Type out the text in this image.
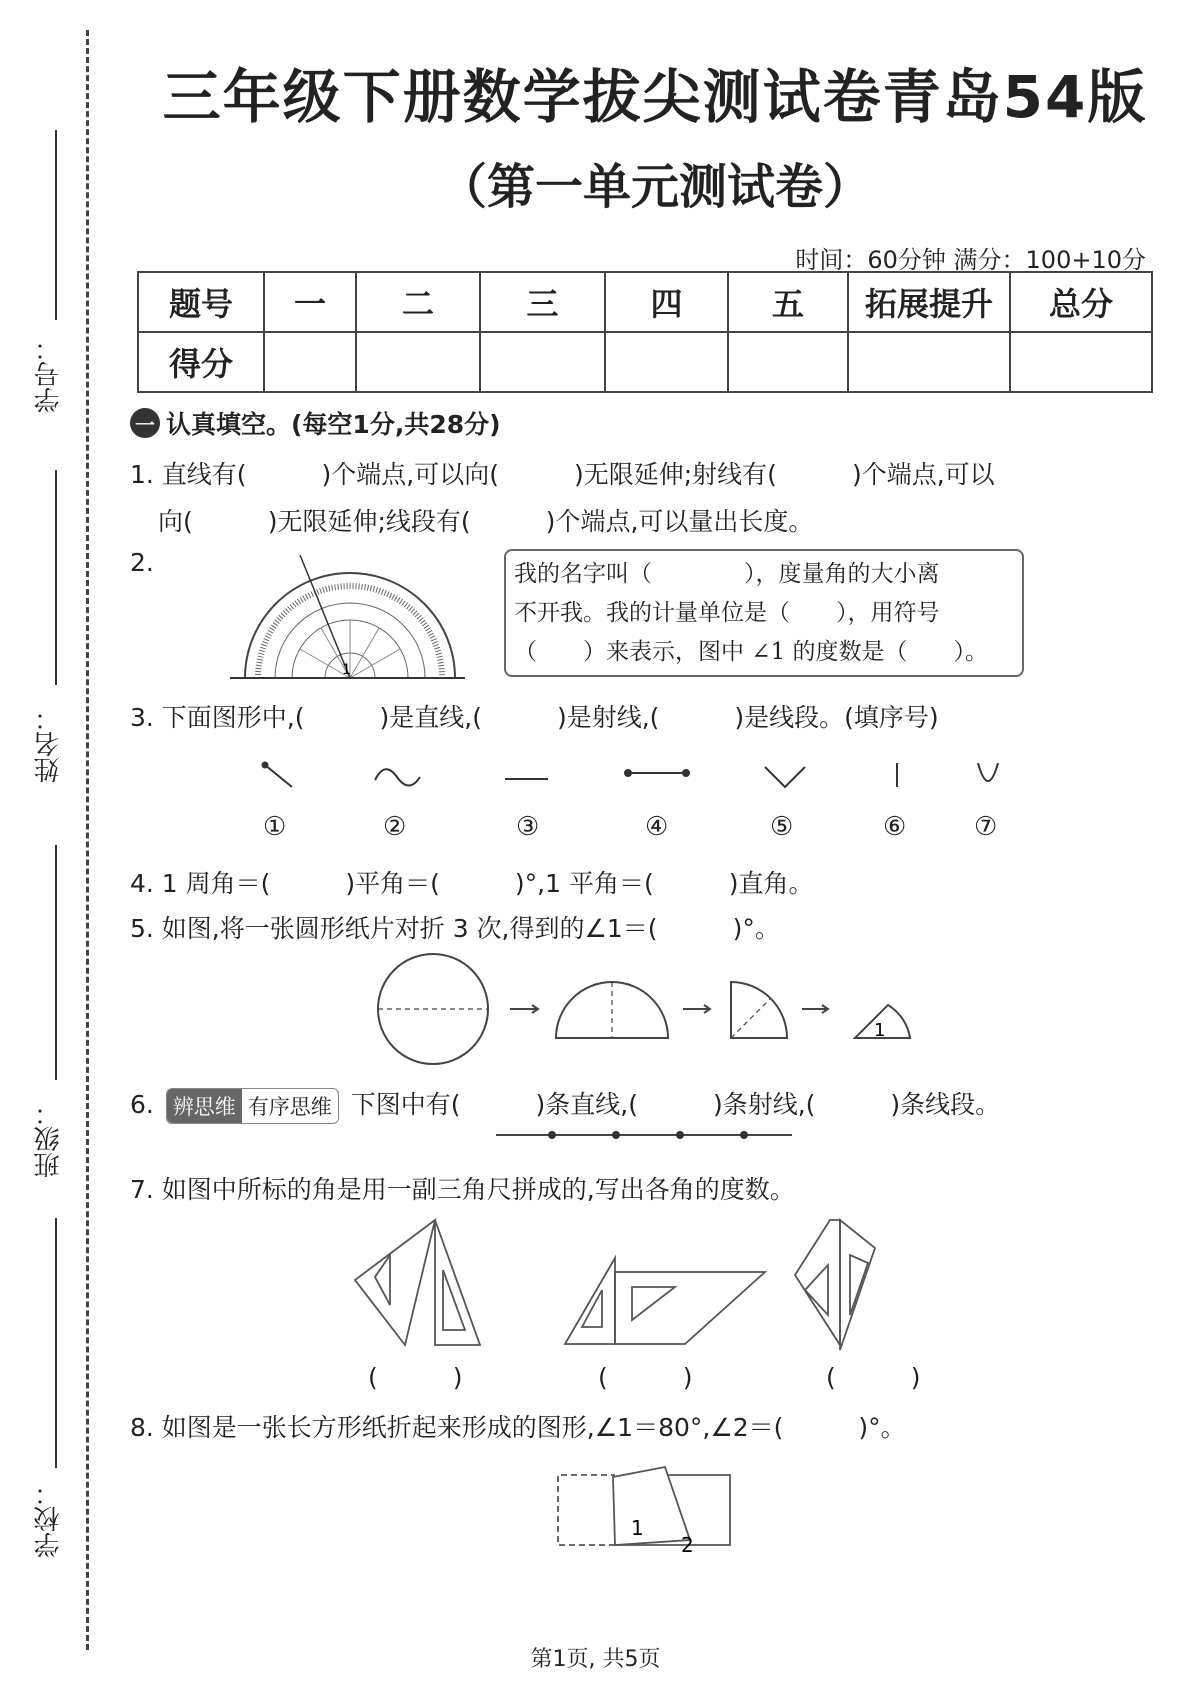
学号：
姓名：
班级：
学校：
三年级下册数学拔尖测试卷青岛54版
（第一单元测试卷）
时间：60分钟 满分：100+10分
题号	一	二	三	四	五	拓展提升	总分
得分							
一 认真填空。(每空1分,共28分)
1. 直线有(　　　)个端点,可以向(　　　)无限延伸;射线有(　　　)个端点,可以
向(　　　)无限延伸;线段有(　　　)个端点,可以量出长度。
2.
1
我的名字叫（　　　　），度量角的大小离
不开我。我的计量单位是（　　），用符号
（　　）来表示，图中 ∠1 的度数是（　　）。
3. 下面图形中,(　　　)是直线,(　　　)是射线,(　　　)是线段。(填序号)
①	②	③	④	⑤	⑥	⑦
4. 1 周角＝(　　　)平角＝(　　　)°,1 平角＝(　　　)直角。
5. 如图,将一张圆形纸片对折 3 次,得到的∠1＝(　　　)°。
1
6. 辨思维 有序思维 下图中有(　　　)条直线,(　　　)条射线,(　　　)条线段。
7. 如图中所标的角是用一副三角尺拼成的,写出各角的度数。
(　　　)	(　　　)	(　　　)
8. 如图是一张长方形纸折起来形成的图形,∠1＝80°,∠2＝(　　　)°。
1
2
第1页, 共5页
